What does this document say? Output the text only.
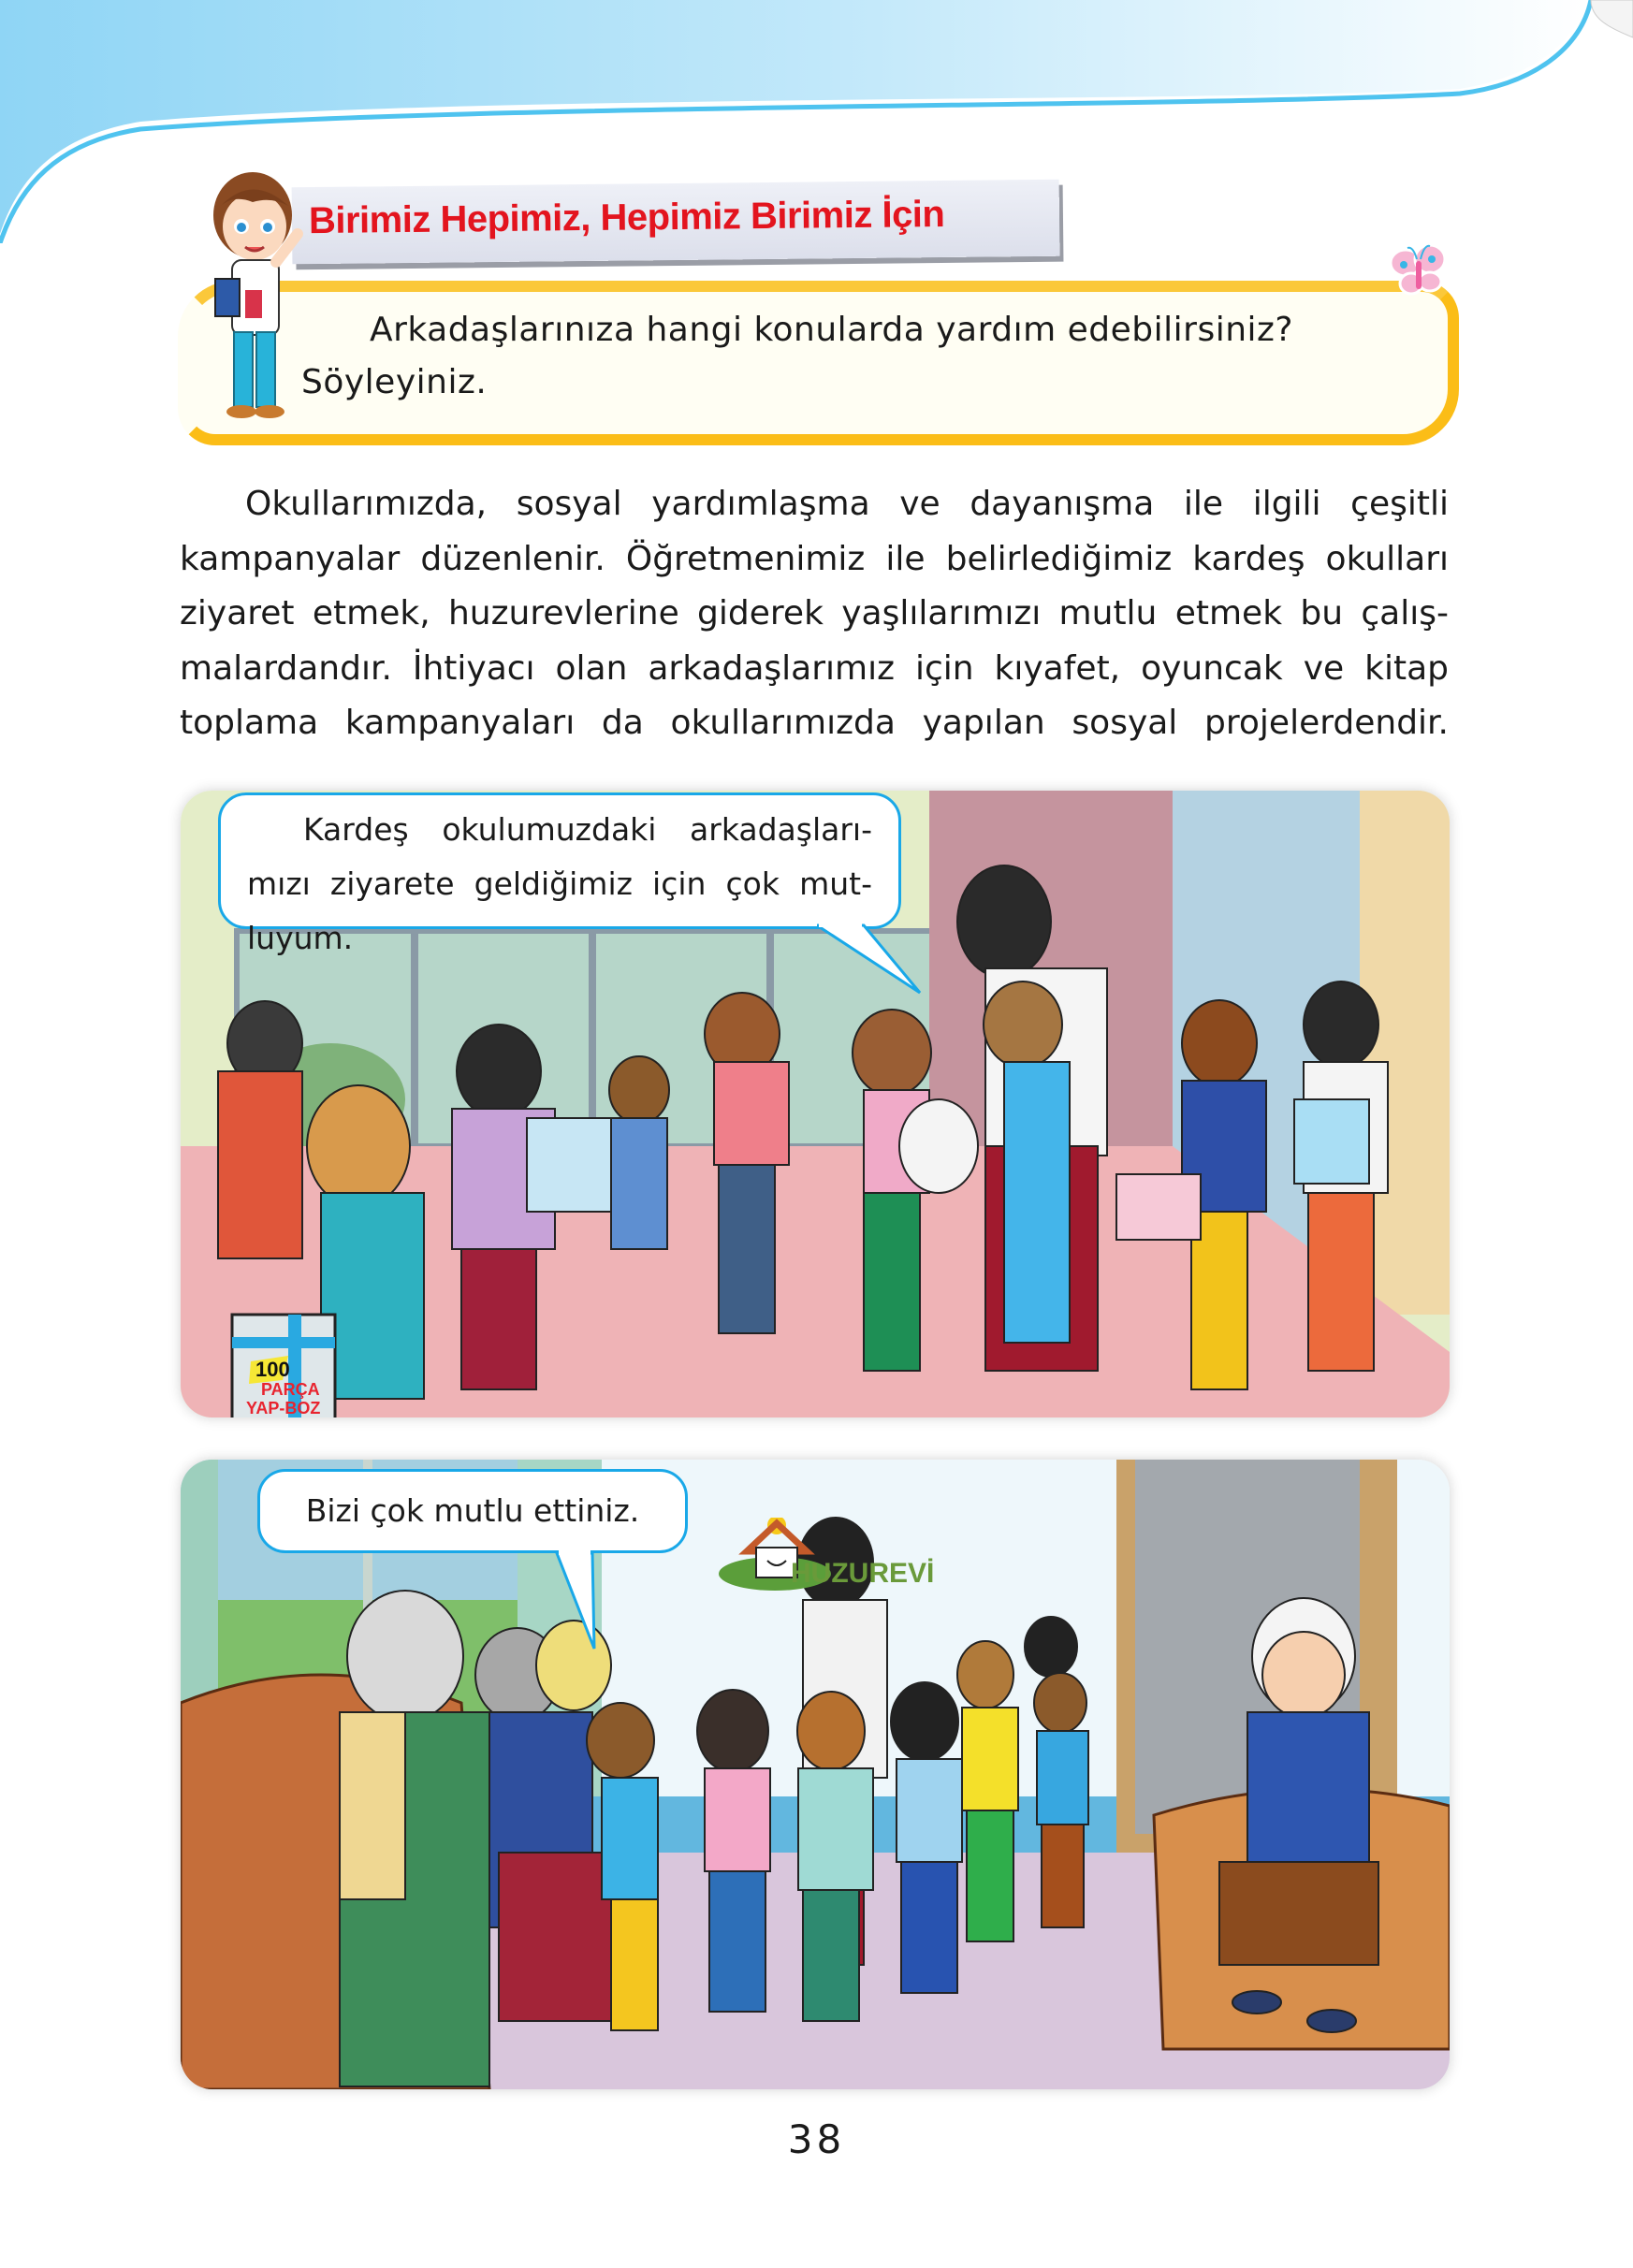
Birimiz Hepimiz, Hepimiz Birimiz İçin
Arkadaşlarınıza hangi konularda yardım edebilirsiniz?
Söyleyiniz.

Okullarımızda, sosyal yardımlaşma ve dayanışma ile ilgili çeşitli

kampanyalar düzenlenir. Öğretmenimiz ile belirlediğimiz kardeş okulları

ziyaret etmek, huzurevlerine giderek yaşlılarımızı mutlu etmek bu çalış-

malardandır. İhtiyacı olan arkadaşlarımız için kıyafet, oyuncak ve kitap

toplama kampanyaları da okullarımızda yapılan sosyal projelerdendir.

100
PARÇA
YAP-BOZ
Kardeş okulumuzdaki arkadaşları-
mızı ziyarete geldiğimiz için çok mut-
luyum.
HUZUREVİ
Bizi çok mutlu ettiniz.
38
